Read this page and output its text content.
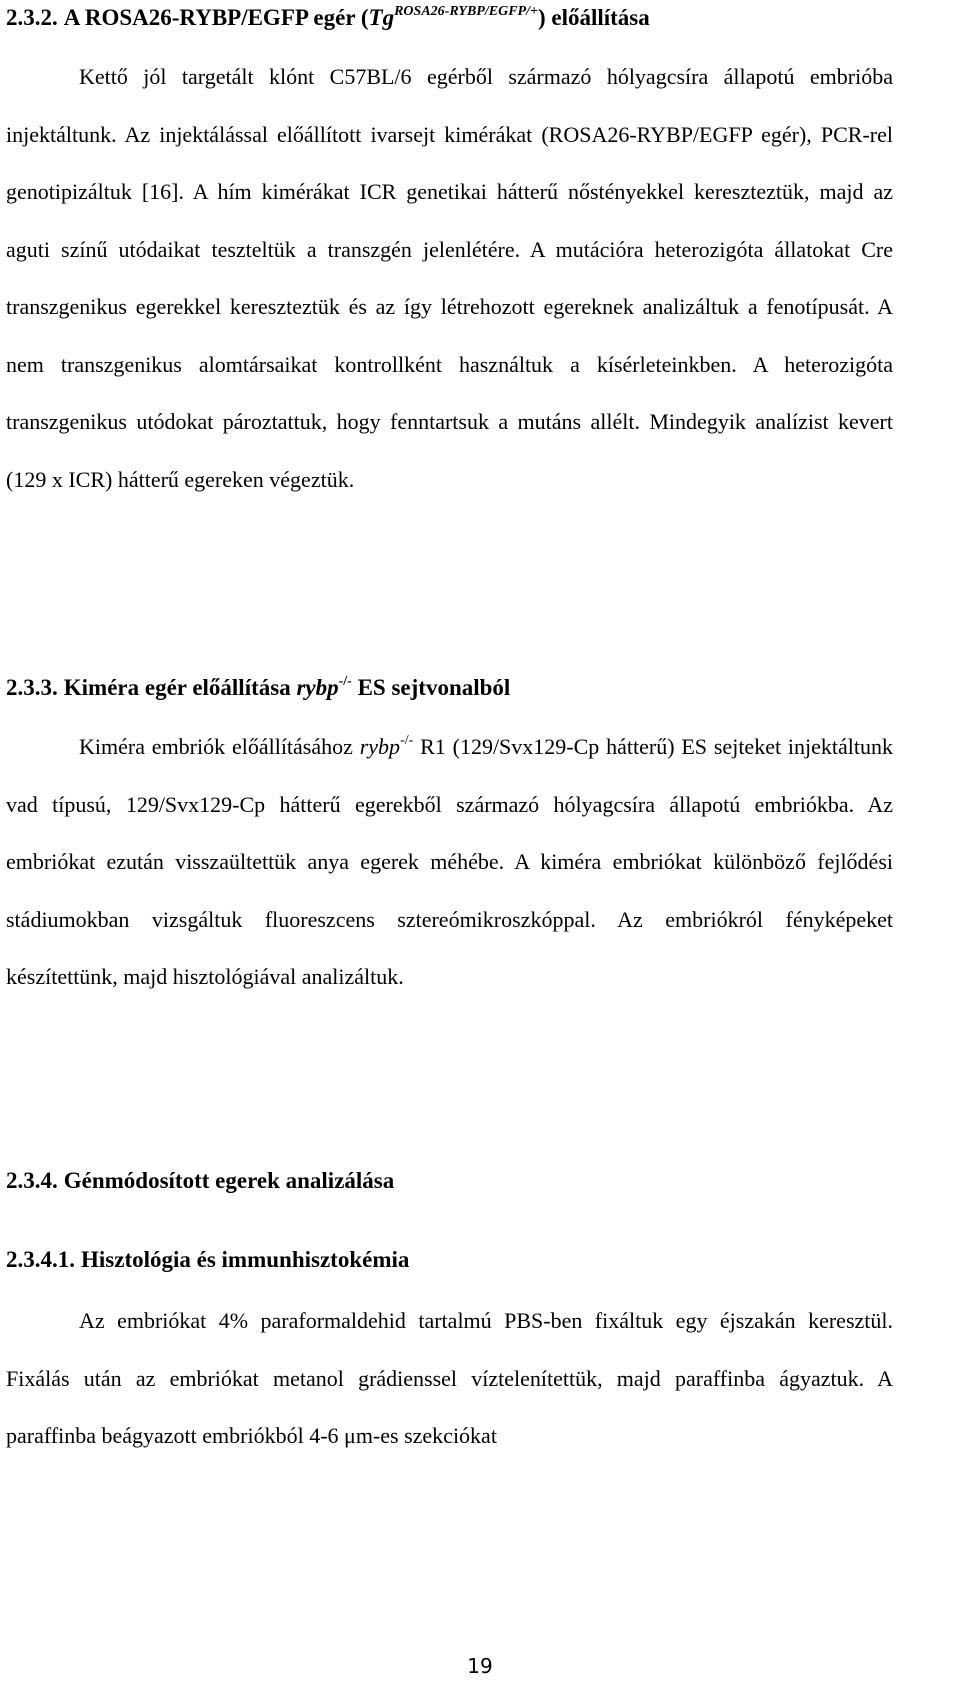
2.3.2. A ROSA26-RYBP/EGFP egér $(Tg^{ROSA26-RYBP/EGFP/+})$ előállítása
Kettő jól targetált klónt C57BL/6 egérből származó hólyagcsíra állapotú embrióba injektáltunk. Az injektálással előállított ivarsejt kimérákat (ROSA26-RYBP/EGFP egér), PCR-rel genotipizáltuk [16]. A hím kimérákat ICR genetikai hátterű nőstényekkel kereszteztük, majd az aguti színű utódaikat teszteltük a transzgén jelenlétére. A mutációra heterozigóta állatokat Cre transzgenikus egerekkel kereszteztük és az így létrehozott egereknek analizáltuk a fenotípusát. A nem transzgenikus alomtársaikat kontrollként használtuk a kísérleteinkben. A heterozigóta transzgenikus utódokat pároztattuk, hogy fenntartsuk a mutáns allélt. Mindegyik analízist kevert (129 x ICR) hátterű egereken végeztük.
2.3.3. Kiméra egér előállítása rybp-/- ES sejtvonalból
Kiméra embriók előállításához rybp-/- R1 (129/Svx129-Cp hátterű) ES sejteket injektáltunk vad típusú, 129/Svx129-Cp hátterű egerekből származó hólyagcsíra állapotú embriókba. Az embriókat ezután visszaültettük anya egerek méhébe. A kiméra embriókat különböző fejlődési stádiumokban vizsgáltuk fluoreszcens sztereómikroszkóppal. Az embriókról fényképeket készítettünk, majd hisztológiával analizáltuk.
2.3.4. Génmódosított egerek analizálása
2.3.4.1. Hisztológia és immunhisztokémia
Az embriókat 4% paraformaldehid tartalmú PBS-ben fixáltuk egy éjszakán keresztül. Fixálás után az embriókat metanol grádienssel víztelenítettük, majd paraffinba ágyaztuk. A paraffinba beágyazott embriókból 4-6 μm-es szekciókat
19
